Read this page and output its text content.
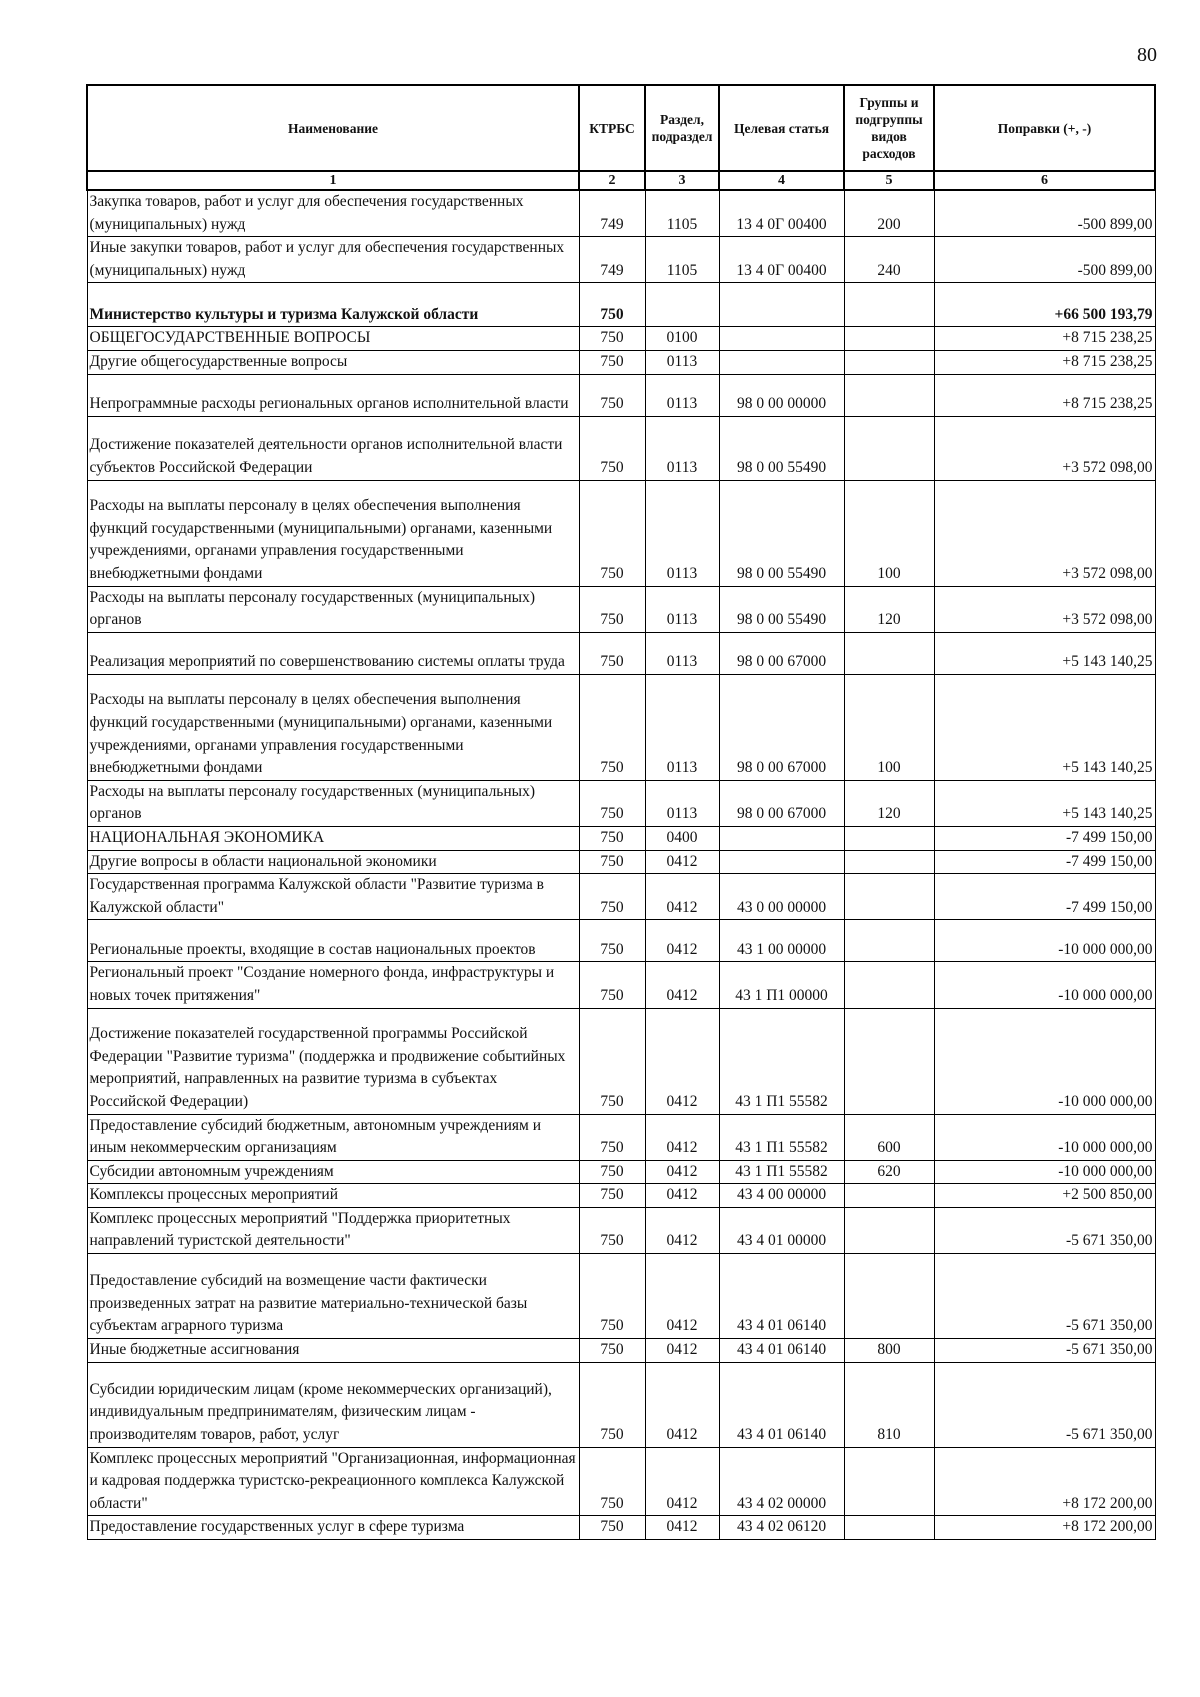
80
Наименование	КТРБС	Раздел, подраздел	Целевая статья	Группы и подгруппы видов расходов	Поправки (+, -)
1	2	3	4	5	6
Закупка товаров, работ и услуг для обеспечения государственных (муниципальных) нужд	749	1105	13 4 0Г 00400	200	-500 899,00
Иные закупки товаров, работ и услуг для обеспечения государственных (муниципальных) нужд	749	1105	13 4 0Г 00400	240	-500 899,00
Министерство культуры и туризма Калужской области	750				+66 500 193,79
ОБЩЕГОСУДАРСТВЕННЫЕ ВОПРОСЫ	750	0100			+8 715 238,25
Другие общегосударственные вопросы	750	0113			+8 715 238,25
Непрограммные расходы региональных органов исполнительной власти	750	0113	98 0 00 00000		+8 715 238,25
Достижение показателей деятельности органов исполнительной власти субъектов Российской Федерации	750	0113	98 0 00 55490		+3 572 098,00
Расходы на выплаты персоналу в целях обеспечения выполнения функций государственными (муниципальными) органами, казенными учреждениями, органами управления государственными внебюджетными фондами	750	0113	98 0 00 55490	100	+3 572 098,00
Расходы на выплаты персоналу государственных (муниципальных) органов	750	0113	98 0 00 55490	120	+3 572 098,00
Реализация мероприятий по совершенствованию системы оплаты труда	750	0113	98 0 00 67000		+5 143 140,25
Расходы на выплаты персоналу в целях обеспечения выполнения функций государственными (муниципальными) органами, казенными учреждениями, органами управления государственными внебюджетными фондами	750	0113	98 0 00 67000	100	+5 143 140,25
Расходы на выплаты персоналу государственных (муниципальных) органов	750	0113	98 0 00 67000	120	+5 143 140,25
НАЦИОНАЛЬНАЯ ЭКОНОМИКА	750	0400			-7 499 150,00
Другие вопросы в области национальной экономики	750	0412			-7 499 150,00
Государственная программа Калужской области "Развитие туризма в Калужской области"	750	0412	43 0 00 00000		-7 499 150,00
Региональные проекты, входящие в состав национальных проектов	750	0412	43 1 00 00000		-10 000 000,00
Региональный проект "Создание номерного фонда, инфраструктуры и новых точек притяжения"	750	0412	43 1 П1 00000		-10 000 000,00
Достижение показателей государственной программы Российской Федерации "Развитие туризма" (поддержка и продвижение событийных мероприятий, направленных на развитие туризма в субъектах Российской Федерации)	750	0412	43 1 П1 55582		-10 000 000,00
Предоставление субсидий бюджетным, автономным учреждениям и иным некоммерческим организациям	750	0412	43 1 П1 55582	600	-10 000 000,00
Субсидии автономным учреждениям	750	0412	43 1 П1 55582	620	-10 000 000,00
Комплексы процессных мероприятий	750	0412	43 4 00 00000		+2 500 850,00
Комплекс процессных мероприятий "Поддержка приоритетных направлений туристской деятельности"	750	0412	43 4 01 00000		-5 671 350,00
Предоставление субсидий на возмещение части фактически произведенных затрат на развитие материально-технической базы субъектам аграрного туризма	750	0412	43 4 01 06140		-5 671 350,00
Иные бюджетные ассигнования	750	0412	43 4 01 06140	800	-5 671 350,00
Субсидии юридическим лицам (кроме некоммерческих организаций), индивидуальным предпринимателям, физическим лицам - производителям товаров, работ, услуг	750	0412	43 4 01 06140	810	-5 671 350,00
Комплекс процессных мероприятий "Организационная, информационная и кадровая поддержка туристско-рекреационного комплекса Калужской области"	750	0412	43 4 02 00000		+8 172 200,00
Предоставление государственных услуг в сфере туризма	750	0412	43 4 02 06120		+8 172 200,00
